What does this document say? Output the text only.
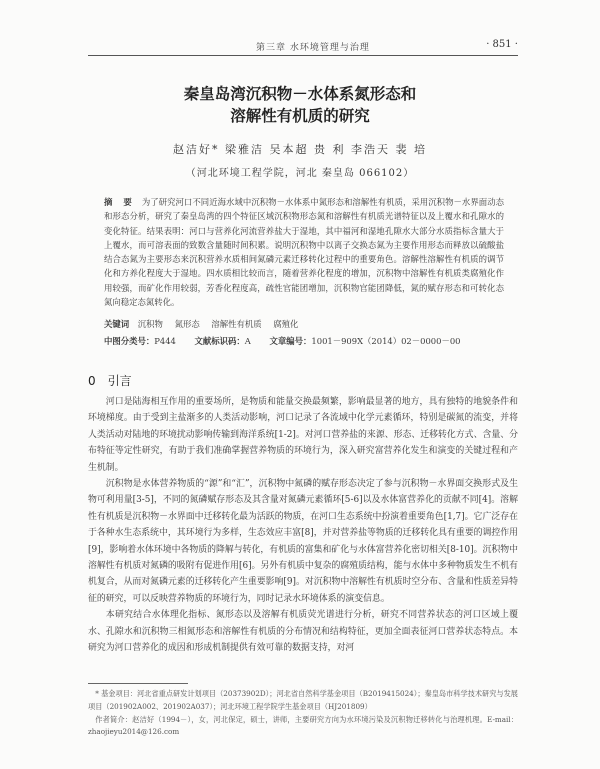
第三章 水环境管理与治理	· 851 ·
秦皇岛湾沉积物－水体系氮形态和
溶解性有机质的研究
赵洁好* 梁雅洁 吴本超 贵 利 李浩天 裴 培
（河北环境工程学院，河北 秦皇岛 066102）
摘 要 为了研究河口不同近海水域中沉积物－水体系中氮形态和溶解性有机质，采用沉积物－水界面动态和形态分析，研究了秦皇岛湾的四个特征区域沉积物形态氮和溶解性有机质光谱特征以及上覆水和孔隙水的变化特征。结果表明：河口与营养化河流营养盐大于湿地，其中福河和湿地孔隙水大部分水质指标含量大于上覆水，而可溶表面的致数含量随时间积累。说明沉积物中以离子交换态氮为主要作用形态而释放以硫酸盐结合态氮为主要形态来沉积营养水质相间氮磷元素迁移转化过程中的重要角色。溶解性溶解性有机质的调节化和方养化程度大于湿地。四水质相比较而言，随着营养化程度的增加，沉积物中溶解性有机质类腐殖化作用较强，而矿化作用较弱，芳香化程度高，疏性官能团增加，沉积物官能团降低，氮的赋存形态和可转化态氮向稳定态氮转化。
关键词 沉积物 氮形态 溶解性有机质 腐殖化
中图分类号：P444 文献标识码：A 文章编号：1001－909X（2014）02－0000－00
0 引言

河口是陆海相互作用的重要场所，是物质和能量交换最频繁，影响最显著的地方，具有独特的地貌条件和环境梯度。由于受到主盐渐多的人类活动影响，河口记录了各流域中化学元素循环，特别是碳氮的流变，并将人类活动对陆地的环境扰动影响传输到海洋系统[1-2]。对河口营养盐的来源、形态、迁移转化方式、含量、分布特征等定性研究，有助于我们准确掌握营养物质的环境行为，深入研究富营养化发生和演变的关键过程和产生机制。

沉积物是水体营养物质的“源”和“汇”，沉积物中氮磷的赋存形态决定了参与沉积物－水界面交换形式及生物可利用量[3-5]，不同的氮磷赋存形态及其含量对氮磷元素循环[5-6]以及水体富营养化的贡献不同[4]。溶解性有机质是沉积物－水界面中迁移转化最为活跃的物质，在河口生态系统中扮演着重要角色[1,7]。它广泛存在于各种水生态系统中，其环境行为多样，生态效应丰富[8]，并对营养盐等物质的迁移转化具有重要的调控作用[9]，影响着水体环境中各物质的降解与转化，有机质的富集和矿化与水体富营养化密切相关[8-10]。沉积物中溶解性有机质对氮磷的吸附有促进作用[6]。另外有机质中复杂的腐殖质结构，能与水体中多种物质发生不机有机复合，从而对氮磷元素的迁移转化产生重要影响[9]。对沉积物中溶解性有机质时空分布、含量和性质差异特征的研究，可以反映营养物质的环境行为，同时记录水环境体系的演变信息。

本研究结合水体理化指标、氮形态以及溶解有机质荧光谱进行分析，研究不同营养状态的河口区域上覆水、孔隙水和沉积物三相氮形态和溶解性有机质的分布情况和结构特征，更加全面表征河口营养状态特点。本研究为河口营养化的成因和形成机制提供有效可靠的数据支持，对河

* 基金项目：河北省重点研发计划项目（20373902D）；河北省自然科学基金项目（B2019415024）；秦皇岛市科学技术研究与发展项目（201902A002、201902A037）；河北环境工程学院学生基金项目（HJ201809）

作者简介：赵洁好（1994－），女，河北保定，硕士，讲师，主要研究方向为水环境污染及沉积物迁移转化与治理机理。E-mail：zhaojieyu2014@126.com
